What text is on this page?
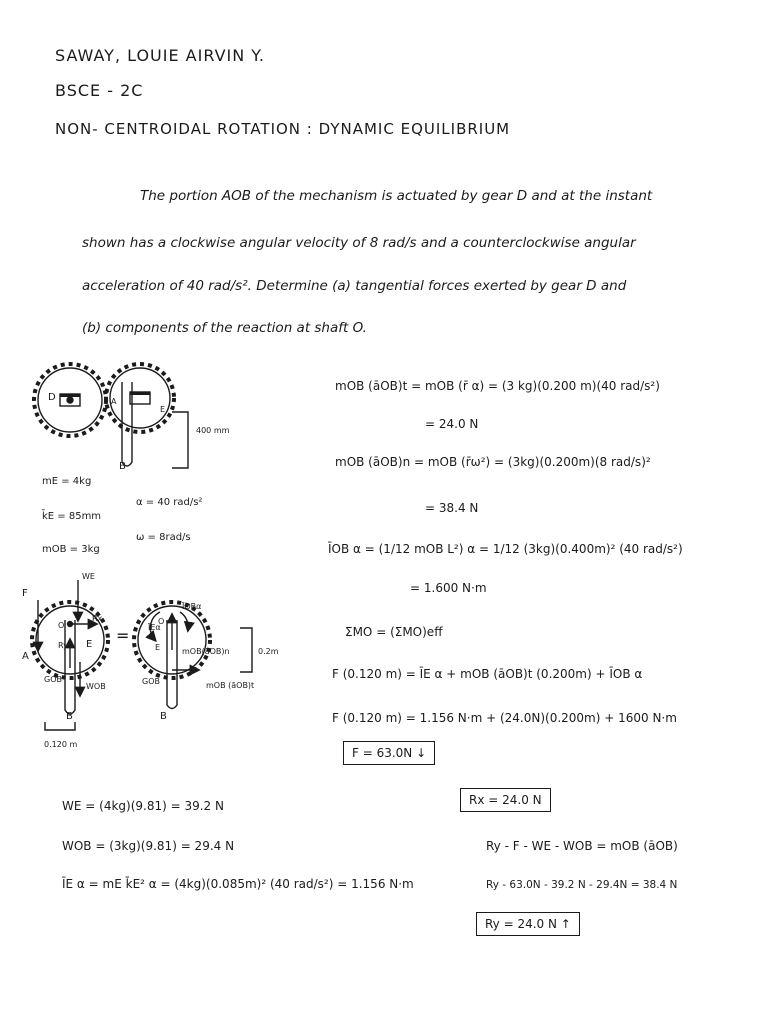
SAWAY, LOUIE AIRVIN Y.
BSCE - 2C
NON- CENTROIDAL ROTATION : DYNAMIC EQUILIBRIUM
The portion AOB of the mechanism is actuated by gear D and at the instant
shown has a clockwise angular velocity of 8 rad/s and a counterclockwise angular
acceleration of 40 rad/s². Determine (a) tangential forces exerted by gear D and
(b) components of the reaction at shaft O.
D	A
E
B
400 mm
mE = 4kg
k̄E = 85mm
mOB = 3kg
α = 40 rad/s²
ω = 8rad/s
F
A
WE
Rx
Ry
O
E
GOB
WOB
B
0.120 m
= ĪEα
ĪOBα
O
E
GOB
mOB(āOB)n
mOB (āOB)t
0.2m
B
mOB (āOB)t = mOB (r̄ α) = (3 kg)(0.200 m)(40 rad/s²)
= 24.0 N
mOB (āOB)n = mOB (r̄ω²) = (3kg)(0.200m)(8 rad/s)²
= 38.4 N
ĪOB α = (1/12 mOB L²) α = 1/12 (3kg)(0.400m)² (40 rad/s²)
= 1.600 N·m
ΣMO = (ΣMO)eff
F (0.120 m) = ĪE α + mOB (āOB)t (0.200m) + ĪOB α
F (0.120 m) = 1.156 N·m + (24.0N)(0.200m) + 1600 N·m
F = 63.0N ↓
Rx = 24.0 N
WE = (4kg)(9.81) = 39.2 N
WOB = (3kg)(9.81) = 29.4 N
ĪE α = mE k̄E² α = (4kg)(0.085m)² (40 rad/s²) = 1.156 N·m
Ry - F - WE - WOB = mOB (āOB)
Ry - 63.0N - 39.2 N - 29.4N = 38.4 N
Ry = 24.0 N ↑
